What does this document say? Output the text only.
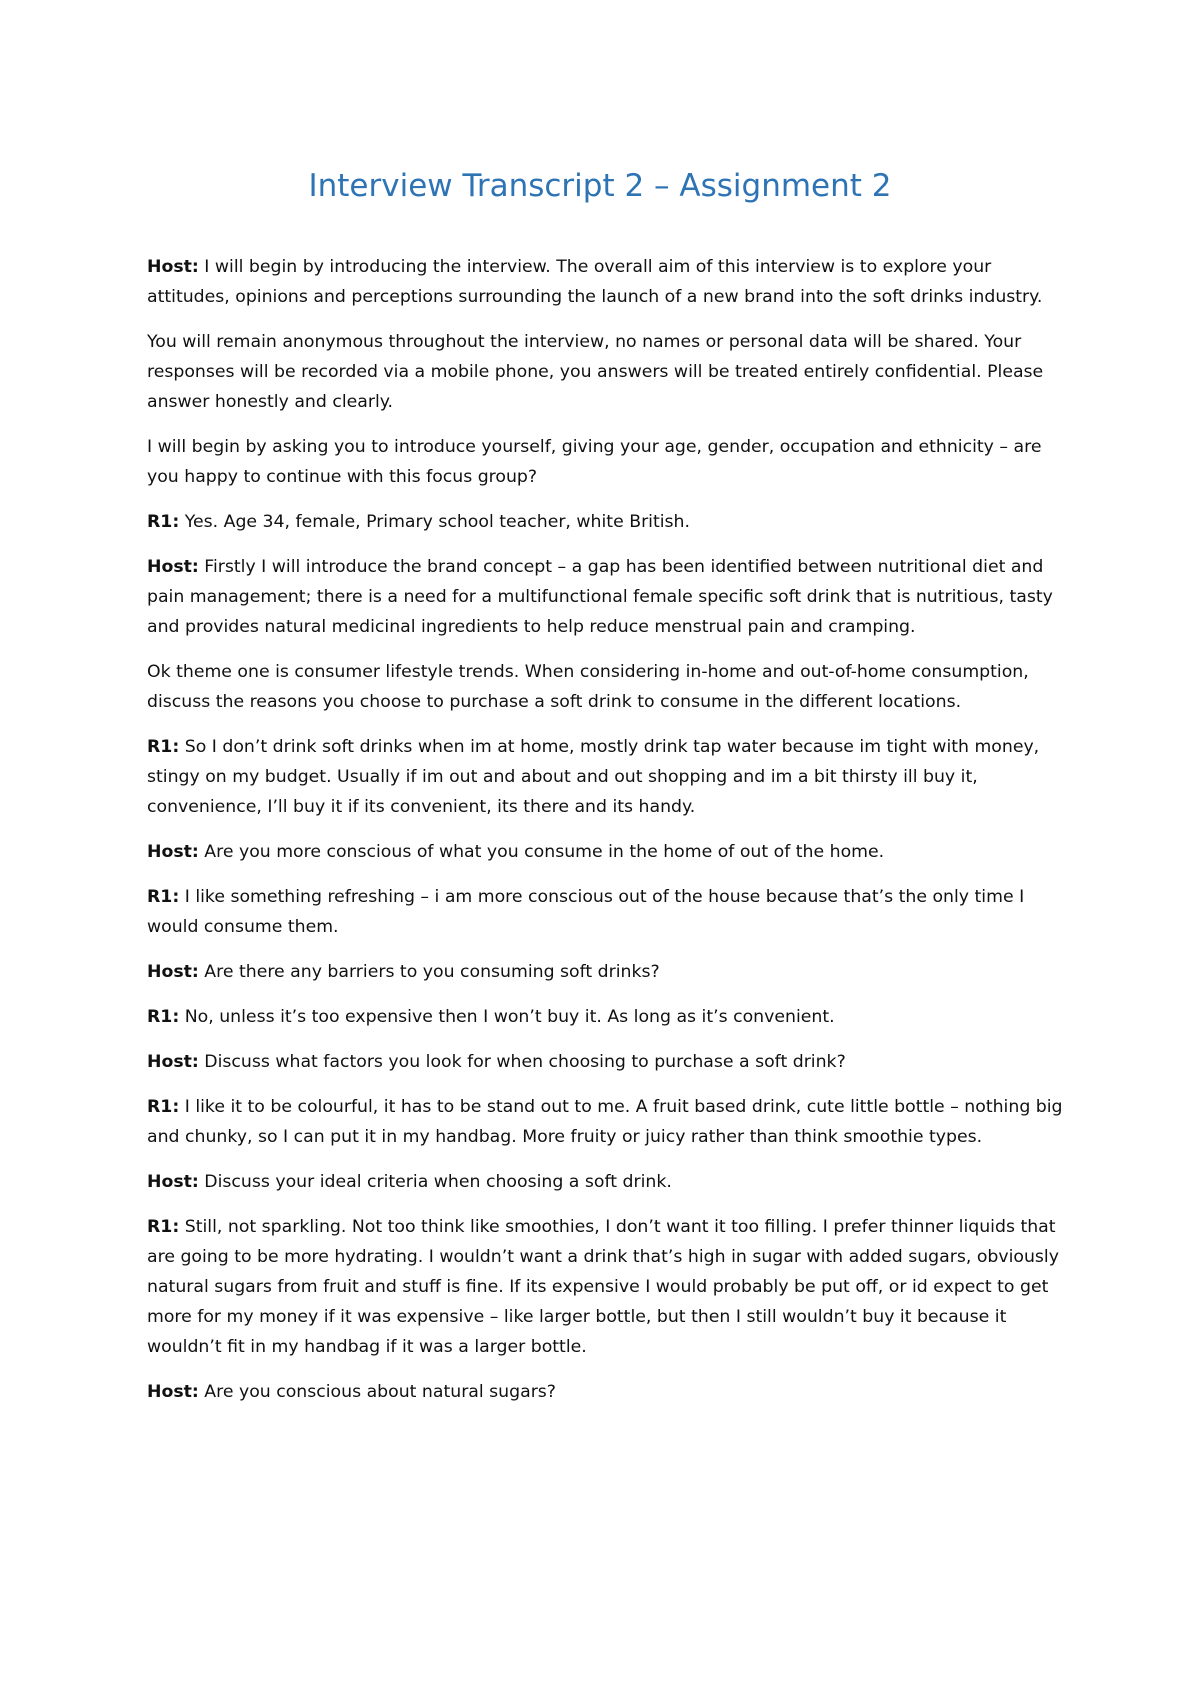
Interview Transcript 2 – Assignment 2

Host: I will begin by introducing the interview. The overall aim of this interview is to explore your attitudes, opinions and perceptions surrounding the launch of a new brand into the soft drinks industry.

You will remain anonymous throughout the interview, no names or personal data will be shared. Your responses will be recorded via a mobile phone, you answers will be treated entirely confidential. Please answer honestly and clearly.

I will begin by asking you to introduce yourself, giving your age, gender, occupation and ethnicity – are you happy to continue with this focus group?

R1: Yes. Age 34, female, Primary school teacher, white British.

Host: Firstly I will introduce the brand concept – a gap has been identified between nutritional diet and pain management; there is a need for a multifunctional female specific soft drink that is nutritious, tasty and provides natural medicinal ingredients to help reduce menstrual pain and cramping.

Ok theme one is consumer lifestyle trends. When considering in-home and out-of-home consumption, discuss the reasons you choose to purchase a soft drink to consume in the different locations.

R1: So I don’t drink soft drinks when im at home, mostly drink tap water because im tight with money, stingy on my budget. Usually if im out and about and out shopping and im a bit thirsty ill buy it, convenience, I’ll buy it if its convenient, its there and its handy.

Host: Are you more conscious of what you consume in the home of out of the home.

R1: I like something refreshing – i am more conscious out of the house because that’s the only time I would consume them.

Host: Are there any barriers to you consuming soft drinks?

R1: No, unless it’s too expensive then I won’t buy it. As long as it’s convenient.

Host: Discuss what factors you look for when choosing to purchase a soft drink?

R1: I like it to be colourful, it has to be stand out to me. A fruit based drink, cute little bottle – nothing big and chunky, so I can put it in my handbag. More fruity or juicy rather than think smoothie types.

Host: Discuss your ideal criteria when choosing a soft drink.

R1: Still, not sparkling. Not too think like smoothies, I don’t want it too filling. I prefer thinner liquids that are going to be more hydrating. I wouldn’t want a drink that’s high in sugar with added sugars, obviously natural sugars from fruit and stuff is fine. If its expensive I would probably be put off, or id expect to get more for my money if it was expensive – like larger bottle, but then I still wouldn’t buy it because it wouldn’t fit in my handbag if it was a larger bottle.

Host: Are you conscious about natural sugars?
